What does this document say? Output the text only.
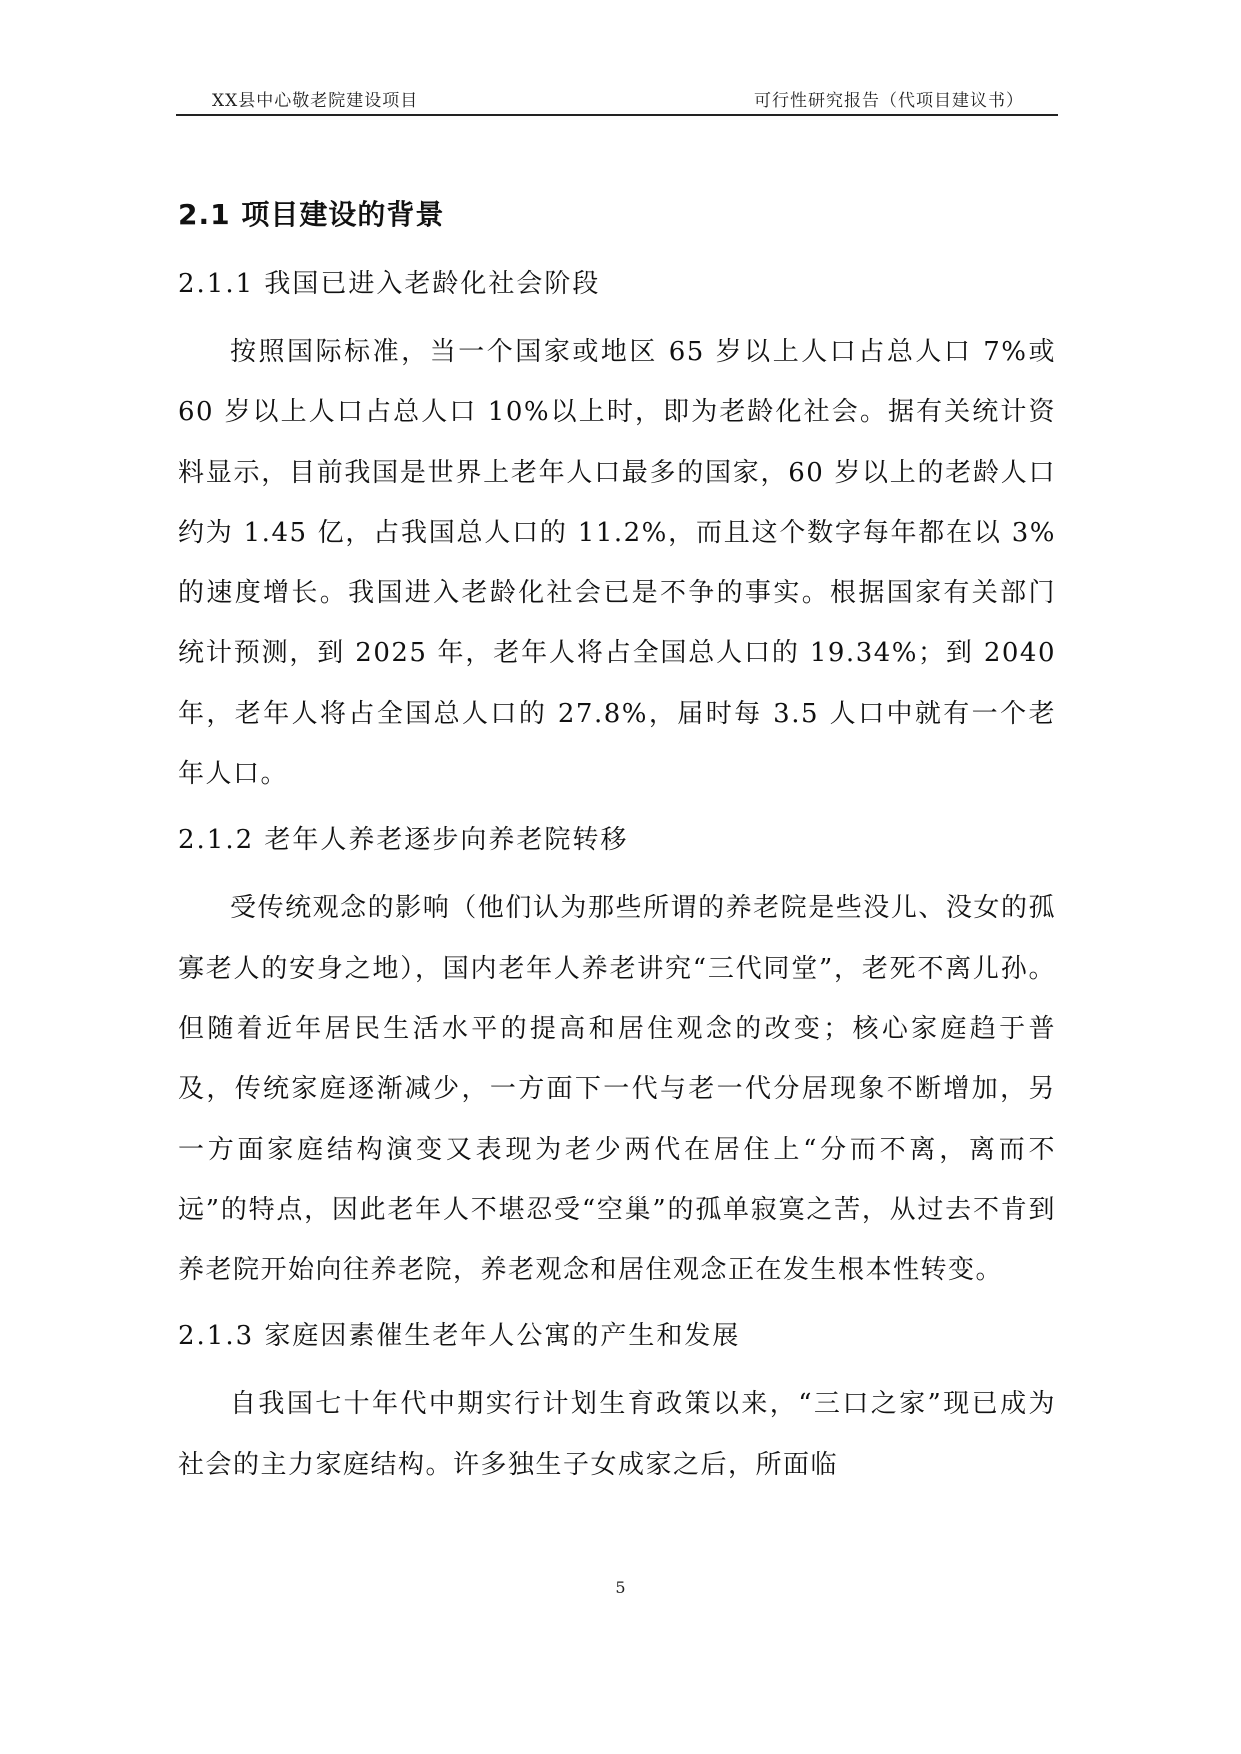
XX县中心敬老院建设项目	可行性研究报告（代项目建议书）
2.1 项目建设的背景
2.1.1 我国已进入老龄化社会阶段

按照国际标准，当一个国家或地区 65 岁以上人口占总人口 7%或 60 岁以上人口占总人口 10%以上时，即为老龄化社会。据有关统计资料显示，目前我国是世界上老年人口最多的国家，60 岁以上的老龄人口约为 1.45 亿，占我国总人口的 11.2%，而且这个数字每年都在以 3%的速度增长。我国进入老龄化社会已是不争的事实。根据国家有关部门统计预测，到 2025 年，老年人将占全国总人口的 19.34%；到 2040 年，老年人将占全国总人口的 27.8%，届时每 3.5 人口中就有一个老年人口。

2.1.2 老年人养老逐步向养老院转移

受传统观念的影响（他们认为那些所谓的养老院是些没儿、没女的孤寡老人的安身之地），国内老年人养老讲究“三代同堂”，老死不离儿孙。但随着近年居民生活水平的提高和居住观念的改变；核心家庭趋于普及，传统家庭逐渐减少，一方面下一代与老一代分居现象不断增加，另一方面家庭结构演变又表现为老少两代在居住上“分而不离，离而不远”的特点，因此老年人不堪忍受“空巢”的孤单寂寞之苦，从过去不肯到养老院开始向往养老院，养老观念和居住观念正在发生根本性转变。

2.1.3 家庭因素催生老年人公寓的产生和发展

自我国七十年代中期实行计划生育政策以来，“三口之家”现已成为社会的主力家庭结构。许多独生子女成家之后，所面临

5
